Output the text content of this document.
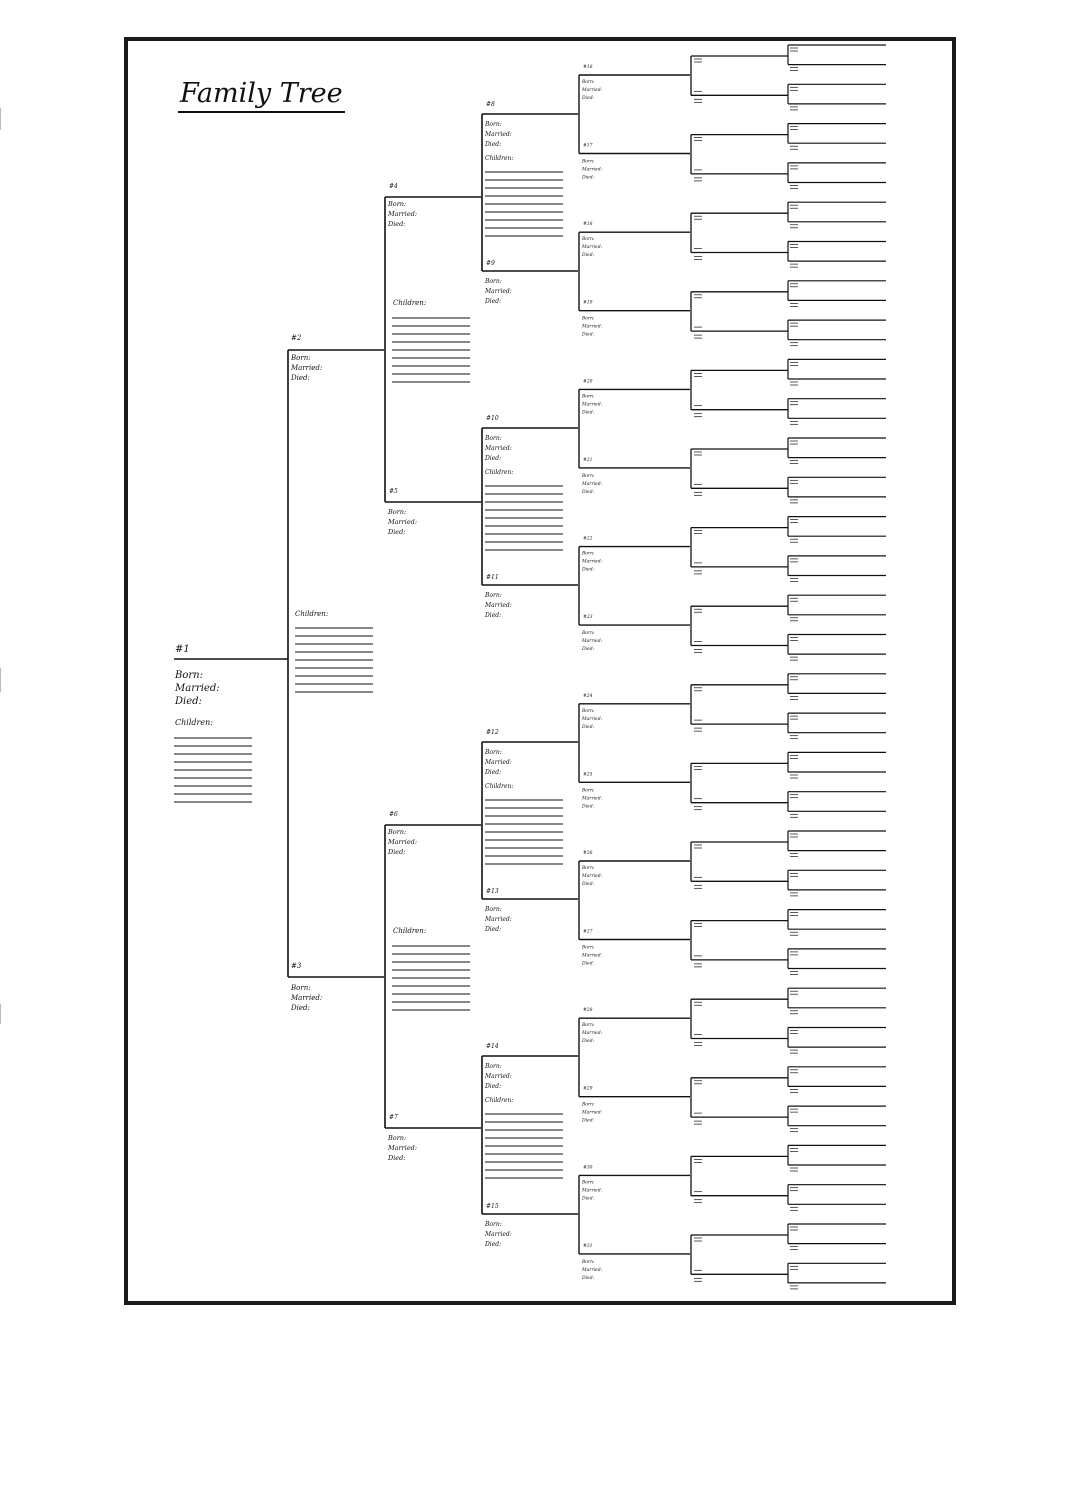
#1
Born:
Married:
Died:
Children:
#2
Born:
Married:
Died:
#3
Born:
Married:
Died:
Children:
#4
Born:
Married:
Died:
#5
Born:
Married:
Died:
Children:
#6
Born:
Married:
Died:
#7
Born:
Married:
Died:
Children:
#8
Born:
Married:
Died:
Children:
#9
Born:
Married:
Died:
#10
Born:
Married:
Died:
Children:
#11
Born:
Married:
Died:
#12
Born:
Married:
Died:
Children:
#13
Born:
Married:
Died:
#14
Born:
Married:
Died:
Children:
#15
Born:
Married:
Died:
#16
Born:
Married:
Died:
#17
Born:
Married:
Died:
#18
Born:
Married:
Died:
#19
Born:
Married:
Died:
#20
Born:
Married:
Died:
#21
Born:
Married:
Died:
#22
Born:
Married:
Died:
#23
Born:
Married:
Died:
#24
Born:
Married:
Died:
#25
Born:
Married:
Died:
#26
Born:
Married:
Died:
#27
Born:
Married:
Died:
#28
Born:
Married:
Died:
#29
Born:
Married:
Died:
#30
Born:
Married:
Died:
#31
Born:
Married:
Died:
Family Tree
